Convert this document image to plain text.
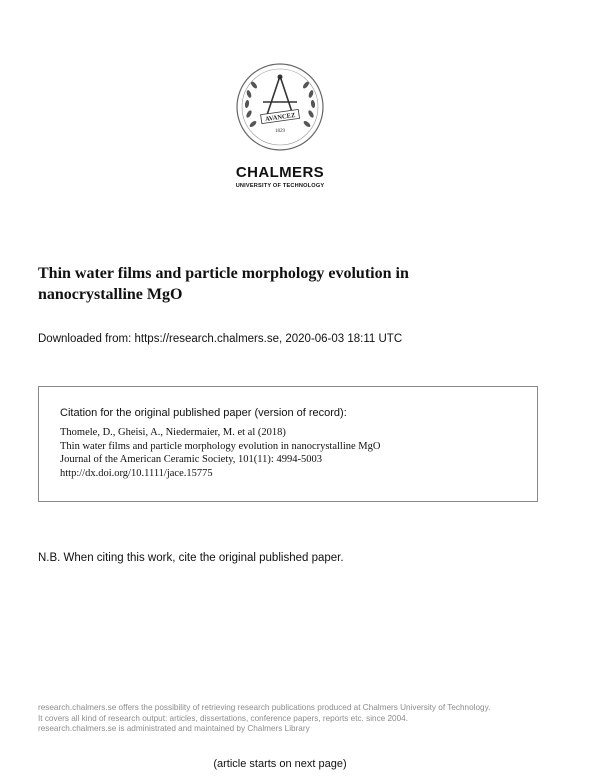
AVANCEZ
1829
CHALMERS
UNIVERSITY OF TECHNOLOGY
Thin water films and particle morphology evolution in
nanocrystalline MgO
Downloaded from: https://research.chalmers.se, 2020-06-03 18:11 UTC
Citation for the original published paper (version of record):
Thomele, D., Gheisi, A., Niedermaier, M. et al (2018)
Thin water films and particle morphology evolution in nanocrystalline MgO
Journal of the American Ceramic Society, 101(11): 4994-5003
http://dx.doi.org/10.1111/jace.15775
N.B. When citing this work, cite the original published paper.
research.chalmers.se offers the possibility of retrieving research publications produced at Chalmers University of Technology.
It covers all kind of research output: articles, dissertations, conference papers, reports etc. since 2004.
research.chalmers.se is administrated and maintained by Chalmers Library
(article starts on next page)
